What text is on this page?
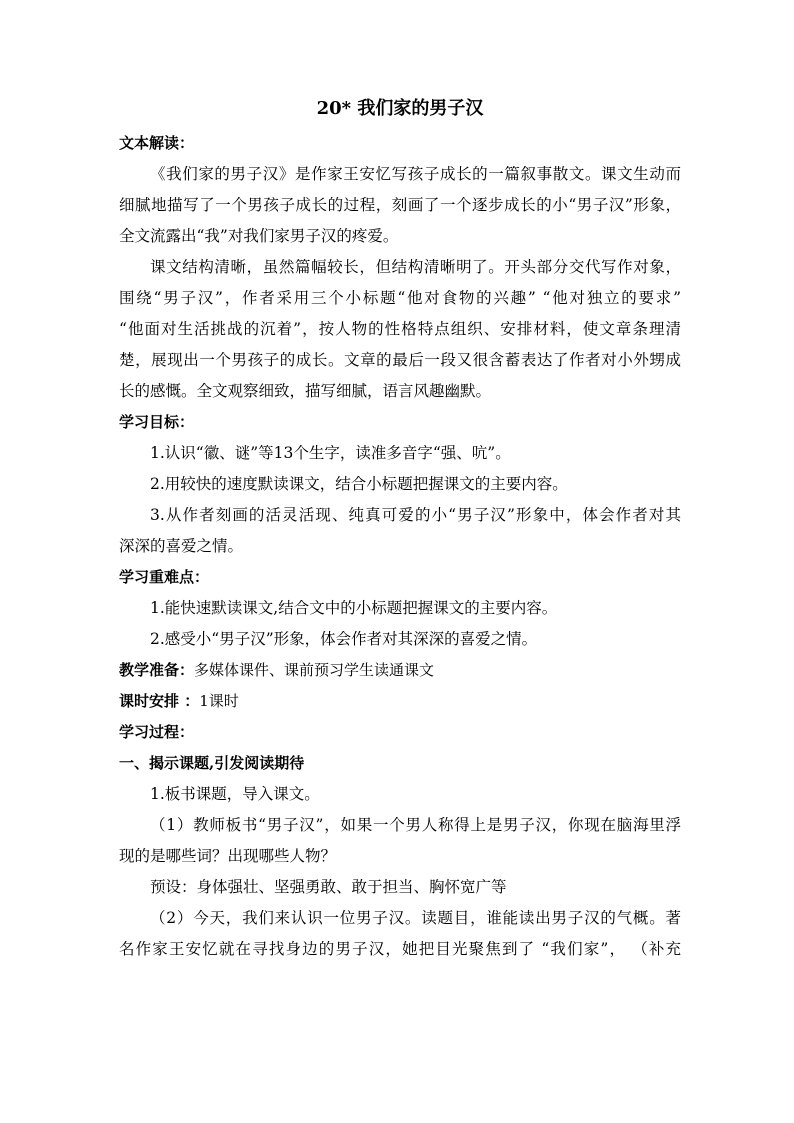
20* 我们家的男子汉
文本解读：
《我们家的男子汉》是作家王安忆写孩子成长的一篇叙事散文。课文生动而
细腻地描写了一个男孩子成长的过程，刻画了一个逐步成长的小“男子汉”形象，
全文流露出“我”对我们家男子汉的疼爱。
课文结构清晰，虽然篇幅较长，但结构清晰明了。开头部分交代写作对象，
围绕“男子汉”，作者采用三个小标题“他对食物的兴趣” “他对独立的要求”
“他面对生活挑战的沉着”，按人物的性格特点组织、安排材料，使文章条理清
楚，展现出一个男孩子的成长。文章的最后一段又很含蓄表达了作者对小外甥成
长的感慨。全文观察细致，描写细腻，语言风趣幽默。
学习目标：
1.认识“徽、谜”等13个生字，读准多音字“强、吭”。
2.用较快的速度默读课文，结合小标题把握课文的主要内容。
3.从作者刻画的活灵活现、纯真可爱的小“男子汉”形象中，体会作者对其
深深的喜爱之情。
学习重难点：
1.能快速默读课文,结合文中的小标题把握课文的主要内容。
2.感受小“男子汉”形象，体会作者对其深深的喜爱之情。
教学准备：多媒体课件、课前预习学生读通课文
课时安排 ：1课时
学习过程：
一、揭示课题,引发阅读期待
1.板书课题，导入课文。
（1）教师板书“男子汉”，如果一个男人称得上是男子汉，你现在脑海里浮
现的是哪些词？出现哪些人物？
预设：身体强壮、坚强勇敢、敢于担当、胸怀宽广等
（2）今天，我们来认识一位男子汉。读题目，谁能读出男子汉的气概。著
名作家王安忆就在寻找身边的男子汉，她把目光聚焦到了 “我们家”， （补充
